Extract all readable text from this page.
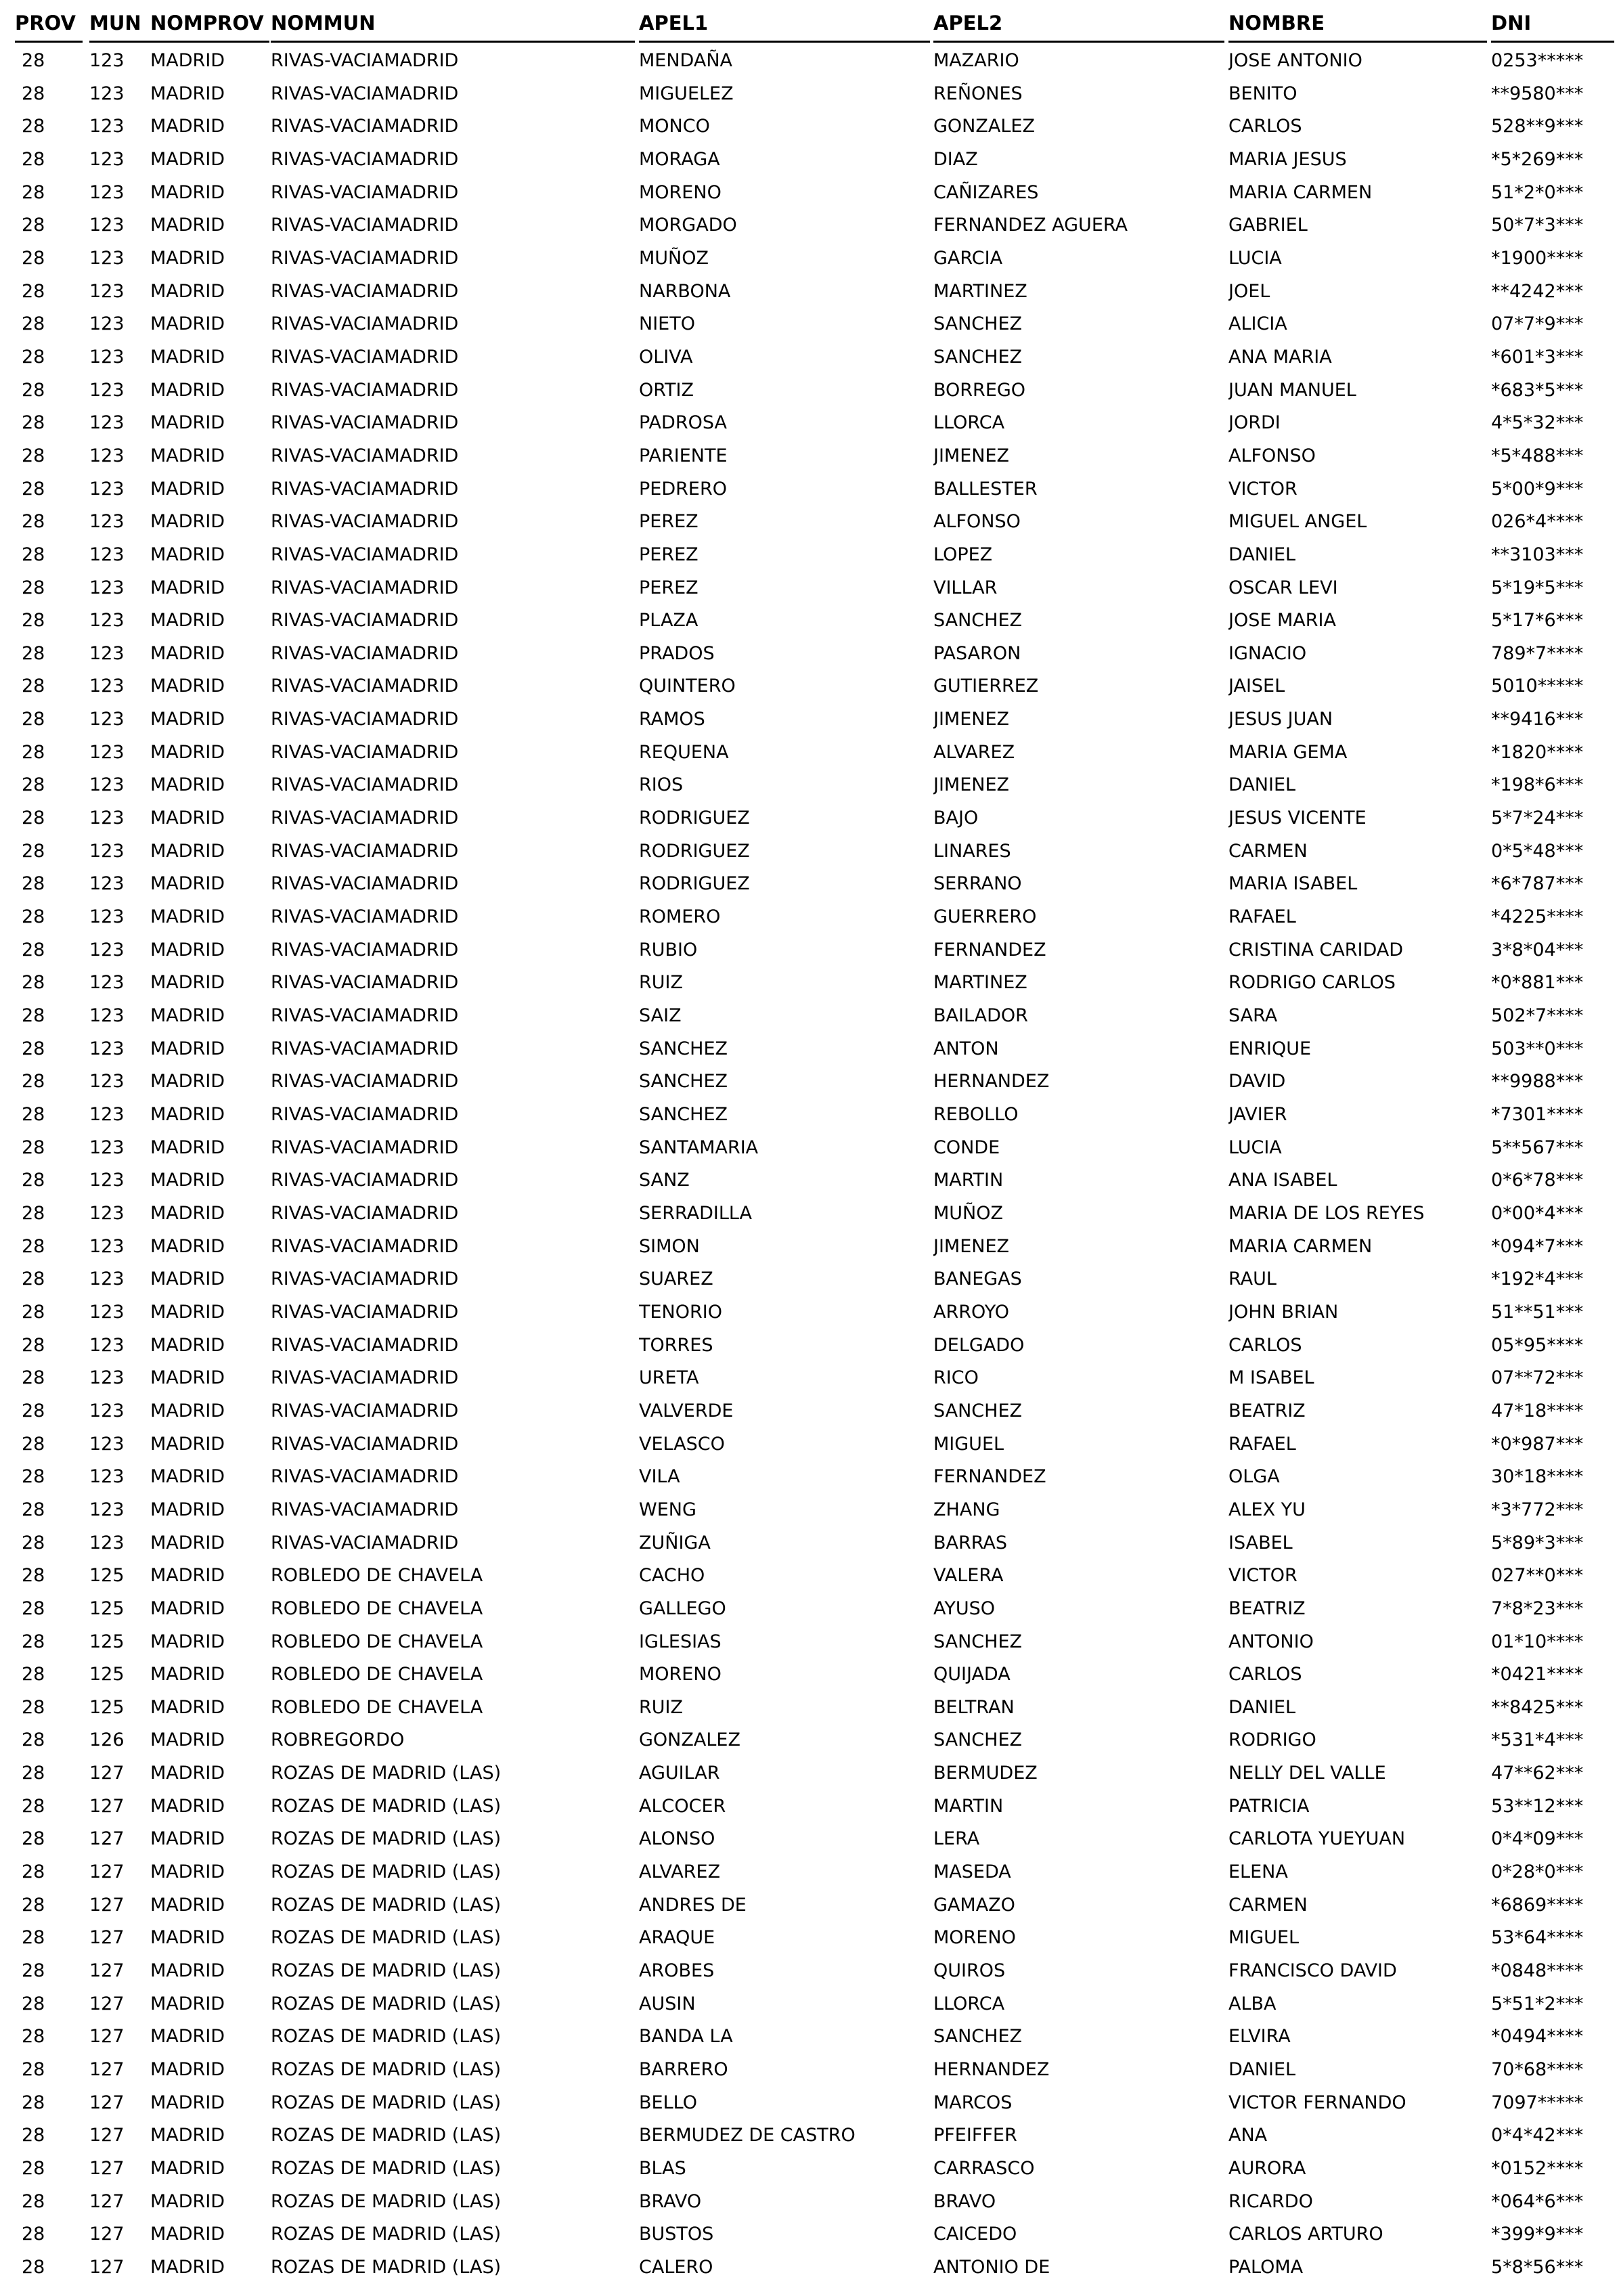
PROV MUN NOMPROV NOMMUN	APEL1	APEL2	NOMBRE	DNI
28	123	MADRID	RIVAS-VACIAMADRID	MENDAÑA	MAZARIO	JOSE ANTONIO	0253*****
28	123	MADRID	RIVAS-VACIAMADRID	MIGUELEZ	REÑONES	BENITO	**9580***
28	123	MADRID	RIVAS-VACIAMADRID	MONCO	GONZALEZ	CARLOS	528**9***
28	123	MADRID	RIVAS-VACIAMADRID	MORAGA	DIAZ	MARIA JESUS	*5*269***
28	123	MADRID	RIVAS-VACIAMADRID	MORENO	CAÑIZARES	MARIA CARMEN	51*2*0***
28	123	MADRID	RIVAS-VACIAMADRID	MORGADO	FERNANDEZ AGUERA	GABRIEL	50*7*3***
28	123	MADRID	RIVAS-VACIAMADRID	MUÑOZ	GARCIA	LUCIA	*1900****
28	123	MADRID	RIVAS-VACIAMADRID	NARBONA	MARTINEZ	JOEL	**4242***
28	123	MADRID	RIVAS-VACIAMADRID	NIETO	SANCHEZ	ALICIA	07*7*9***
28	123	MADRID	RIVAS-VACIAMADRID	OLIVA	SANCHEZ	ANA MARIA	*601*3***
28	123	MADRID	RIVAS-VACIAMADRID	ORTIZ	BORREGO	JUAN MANUEL	*683*5***
28	123	MADRID	RIVAS-VACIAMADRID	PADROSA	LLORCA	JORDI	4*5*32***
28	123	MADRID	RIVAS-VACIAMADRID	PARIENTE	JIMENEZ	ALFONSO	*5*488***
28	123	MADRID	RIVAS-VACIAMADRID	PEDRERO	BALLESTER	VICTOR	5*00*9***
28	123	MADRID	RIVAS-VACIAMADRID	PEREZ	ALFONSO	MIGUEL ANGEL	026*4****
28	123	MADRID	RIVAS-VACIAMADRID	PEREZ	LOPEZ	DANIEL	**3103***
28	123	MADRID	RIVAS-VACIAMADRID	PEREZ	VILLAR	OSCAR LEVI	5*19*5***
28	123	MADRID	RIVAS-VACIAMADRID	PLAZA	SANCHEZ	JOSE MARIA	5*17*6***
28	123	MADRID	RIVAS-VACIAMADRID	PRADOS	PASARON	IGNACIO	789*7****
28	123	MADRID	RIVAS-VACIAMADRID	QUINTERO	GUTIERREZ	JAISEL	5010*****
28	123	MADRID	RIVAS-VACIAMADRID	RAMOS	JIMENEZ	JESUS JUAN	**9416***
28	123	MADRID	RIVAS-VACIAMADRID	REQUENA	ALVAREZ	MARIA GEMA	*1820****
28	123	MADRID	RIVAS-VACIAMADRID	RIOS	JIMENEZ	DANIEL	*198*6***
28	123	MADRID	RIVAS-VACIAMADRID	RODRIGUEZ	BAJO	JESUS VICENTE	5*7*24***
28	123	MADRID	RIVAS-VACIAMADRID	RODRIGUEZ	LINARES	CARMEN	0*5*48***
28	123	MADRID	RIVAS-VACIAMADRID	RODRIGUEZ	SERRANO	MARIA ISABEL	*6*787***
28	123	MADRID	RIVAS-VACIAMADRID	ROMERO	GUERRERO	RAFAEL	*4225****
28	123	MADRID	RIVAS-VACIAMADRID	RUBIO	FERNANDEZ	CRISTINA CARIDAD	3*8*04***
28	123	MADRID	RIVAS-VACIAMADRID	RUIZ	MARTINEZ	RODRIGO CARLOS	*0*881***
28	123	MADRID	RIVAS-VACIAMADRID	SAIZ	BAILADOR	SARA	502*7****
28	123	MADRID	RIVAS-VACIAMADRID	SANCHEZ	ANTON	ENRIQUE	503**0***
28	123	MADRID	RIVAS-VACIAMADRID	SANCHEZ	HERNANDEZ	DAVID	**9988***
28	123	MADRID	RIVAS-VACIAMADRID	SANCHEZ	REBOLLO	JAVIER	*7301****
28	123	MADRID	RIVAS-VACIAMADRID	SANTAMARIA	CONDE	LUCIA	5**567***
28	123	MADRID	RIVAS-VACIAMADRID	SANZ	MARTIN	ANA ISABEL	0*6*78***
28	123	MADRID	RIVAS-VACIAMADRID	SERRADILLA	MUÑOZ	MARIA DE LOS REYES	0*00*4***
28	123	MADRID	RIVAS-VACIAMADRID	SIMON	JIMENEZ	MARIA CARMEN	*094*7***
28	123	MADRID	RIVAS-VACIAMADRID	SUAREZ	BANEGAS	RAUL	*192*4***
28	123	MADRID	RIVAS-VACIAMADRID	TENORIO	ARROYO	JOHN BRIAN	51**51***
28	123	MADRID	RIVAS-VACIAMADRID	TORRES	DELGADO	CARLOS	05*95****
28	123	MADRID	RIVAS-VACIAMADRID	URETA	RICO	M ISABEL	07**72***
28	123	MADRID	RIVAS-VACIAMADRID	VALVERDE	SANCHEZ	BEATRIZ	47*18****
28	123	MADRID	RIVAS-VACIAMADRID	VELASCO	MIGUEL	RAFAEL	*0*987***
28	123	MADRID	RIVAS-VACIAMADRID	VILA	FERNANDEZ	OLGA	30*18****
28	123	MADRID	RIVAS-VACIAMADRID	WENG	ZHANG	ALEX YU	*3*772***
28	123	MADRID	RIVAS-VACIAMADRID	ZUÑIGA	BARRAS	ISABEL	5*89*3***
28	125	MADRID	ROBLEDO DE CHAVELA	CACHO	VALERA	VICTOR	027**0***
28	125	MADRID	ROBLEDO DE CHAVELA	GALLEGO	AYUSO	BEATRIZ	7*8*23***
28	125	MADRID	ROBLEDO DE CHAVELA	IGLESIAS	SANCHEZ	ANTONIO	01*10****
28	125	MADRID	ROBLEDO DE CHAVELA	MORENO	QUIJADA	CARLOS	*0421****
28	125	MADRID	ROBLEDO DE CHAVELA	RUIZ	BELTRAN	DANIEL	**8425***
28	126	MADRID	ROBREGORDO	GONZALEZ	SANCHEZ	RODRIGO	*531*4***
28	127	MADRID	ROZAS DE MADRID (LAS)	AGUILAR	BERMUDEZ	NELLY DEL VALLE	47**62***
28	127	MADRID	ROZAS DE MADRID (LAS)	ALCOCER	MARTIN	PATRICIA	53**12***
28	127	MADRID	ROZAS DE MADRID (LAS)	ALONSO	LERA	CARLOTA YUEYUAN	0*4*09***
28	127	MADRID	ROZAS DE MADRID (LAS)	ALVAREZ	MASEDA	ELENA	0*28*0***
28	127	MADRID	ROZAS DE MADRID (LAS)	ANDRES DE	GAMAZO	CARMEN	*6869****
28	127	MADRID	ROZAS DE MADRID (LAS)	ARAQUE	MORENO	MIGUEL	53*64****
28	127	MADRID	ROZAS DE MADRID (LAS)	AROBES	QUIROS	FRANCISCO DAVID	*0848****
28	127	MADRID	ROZAS DE MADRID (LAS)	AUSIN	LLORCA	ALBA	5*51*2***
28	127	MADRID	ROZAS DE MADRID (LAS)	BANDA LA	SANCHEZ	ELVIRA	*0494****
28	127	MADRID	ROZAS DE MADRID (LAS)	BARRERO	HERNANDEZ	DANIEL	70*68****
28	127	MADRID	ROZAS DE MADRID (LAS)	BELLO	MARCOS	VICTOR FERNANDO	7097*****
28	127	MADRID	ROZAS DE MADRID (LAS)	BERMUDEZ DE CASTRO	PFEIFFER	ANA	0*4*42***
28	127	MADRID	ROZAS DE MADRID (LAS)	BLAS	CARRASCO	AURORA	*0152****
28	127	MADRID	ROZAS DE MADRID (LAS)	BRAVO	BRAVO	RICARDO	*064*6***
28	127	MADRID	ROZAS DE MADRID (LAS)	BUSTOS	CAICEDO	CARLOS ARTURO	*399*9***
28	127	MADRID	ROZAS DE MADRID (LAS)	CALERO	ANTONIO DE	PALOMA	5*8*56***
